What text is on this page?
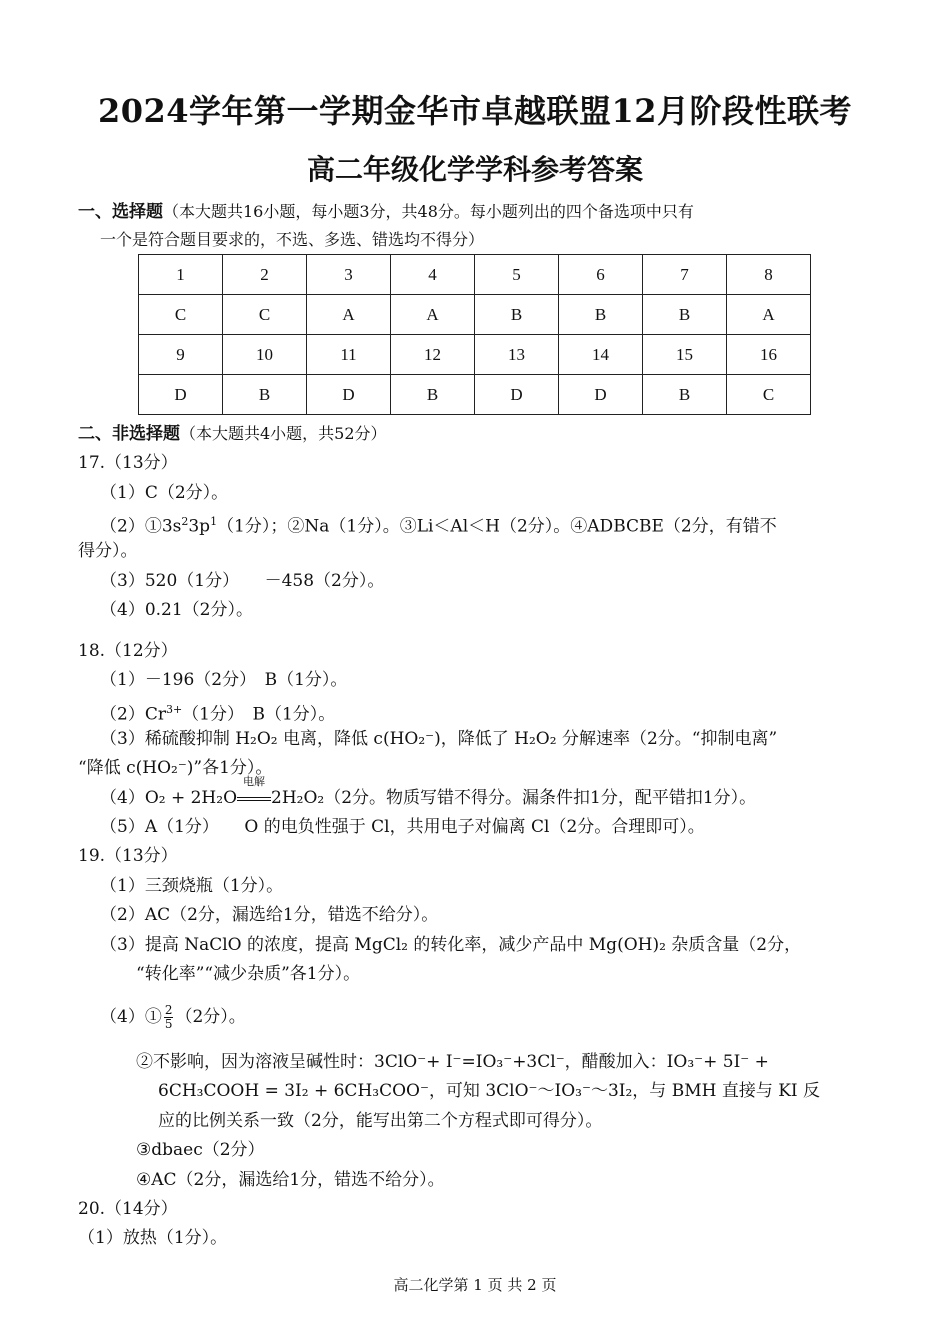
2024学年第一学期金华市卓越联盟12月阶段性联考
高二年级化学学科参考答案
一、选择题（本大题共16小题，每小题3分，共48分。每小题列出的四个备选项中只有
一个是符合题目要求的，不选、多选、错选均不得分）
1	2	3	4	5	6	7	8
C	C	A	A	B	B	B	A
9	10	11	12	13	14	15	16
D	B	D	B	D	D	B	C
二、非选择题（本大题共4小题，共52分）
17.（13分）
（1）C（2分）。
$(2)①3s^23p^1(1$分）；②Na（1分）。③Li＜Al＜H（2分）。④ADBCBE（2分，有错不
得分）。
（3）520（1分）　　－458（2分）。
（4）0.21（2分）。
18.（12分）
（1）－196（2分）　B（1分）。
$(2)Cr^{3+}(1$分）　B（1分）。
（3）稀硫酸抑制 H₂O₂ 电离，降低 c(HO₂⁻)，降低了 H₂O₂ 分解速率（2分。“抑制电离”
“降低 c(HO₂⁻)”各1分）。
（4）O₂ + 2H₂O
电解
2H₂O₂（2分。物质写错不得分。漏条件扣1分，配平错扣1分）。
（5）A（1分）　　O 的电负性强于 Cl，共用电子对偏离 Cl（2分。合理即可）。
19.（13分）
（1）三颈烧瓶（1分）。
（2）AC（2分，漏选给1分，错选不给分）。
（3）提高 NaClO 的浓度，提高 MgCl₂ 的转化率，减少产品中 Mg(OH)₂ 杂质含量（2分，
“转化率”“减少杂质”各1分）。
（4）① $\frac{2}{5} (2$分）。
②不影响，因为溶液呈碱性时：3ClO⁻+ I⁻=IO₃⁻+3Cl⁻，醋酸加入：IO₃⁻+ 5I⁻ +
6CH₃COOH = 3I₂ + 6CH₃COO⁻，可知 3ClO⁻～IO₃⁻～3I₂，与 BMH 直接与 KI 反
应的比例关系一致（2分，能写出第二个方程式即可得分）。
③dbaec（2分）
④AC（2分，漏选给1分，错选不给分）。
20.（14分）
（1）放热（1分）。
高二化学第 1 页 共 2 页
